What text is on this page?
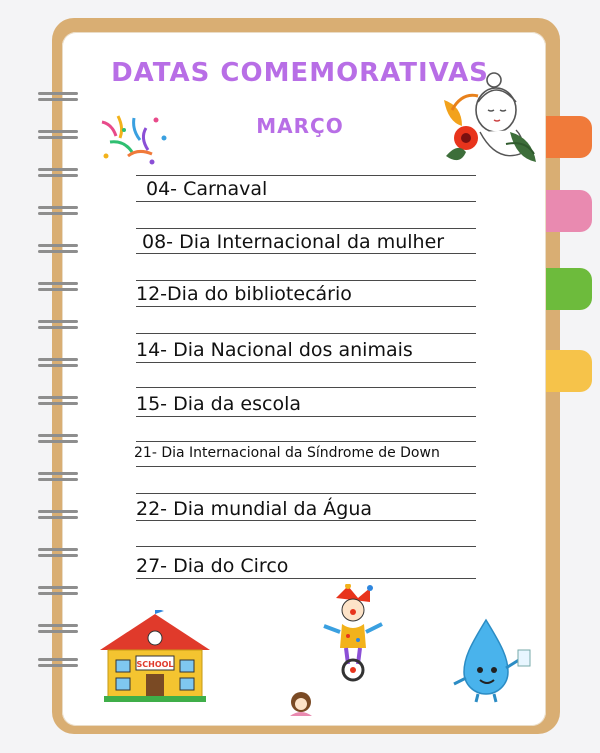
DATAS COMEMORATIVAS
MARÇO
04- Carnaval
08- Dia Internacional da mulher
12-Dia do bibliotecário
14- Dia Nacional dos animais
15- Dia da escola
21- Dia Internacional da Síndrome de Down
22- Dia mundial da Água
27- Dia do Circo
SCHOOL
